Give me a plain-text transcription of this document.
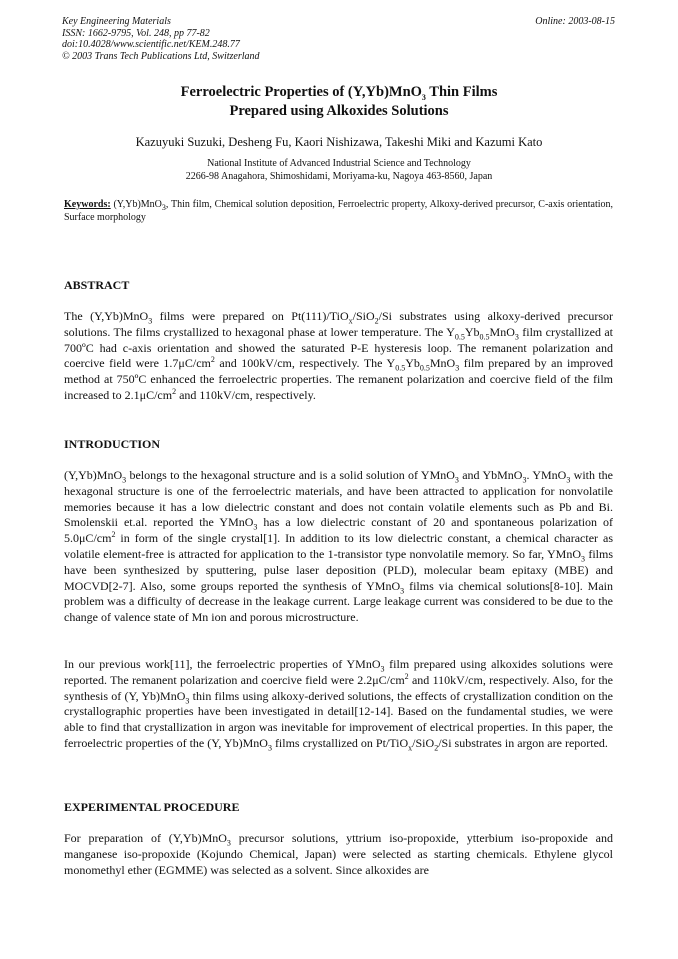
Key Engineering Materials
ISSN: 1662-9795, Vol. 248, pp 77-82
doi:10.4028/www.scientific.net/KEM.248.77
© 2003 Trans Tech Publications Ltd, Switzerland
Online: 2003-08-15
Ferroelectric Properties of (Y,Yb)MnO$_3$ Thin Films
Prepared using Alkoxides Solutions
Kazuyuki Suzuki, Desheng Fu, Kaori Nishizawa, Takeshi Miki and Kazumi Kato
National Institute of Advanced Industrial Science and Technology
2266-98 Anagahora, Shimoshidami, Moriyama-ku, Nagoya 463-8560, Japan
Keywords: (Y,Yb)MnO$_3$, Thin film, Chemical solution deposition, Ferroelectric property, Alkoxy-derived precursor, C-axis orientation, Surface morphology
ABSTRACT

The (Y,Yb)MnO$_3$ films were prepared on Pt(111)/TiO$_x$/SiO$_2$/Si substrates using alkoxy-derived precursor solutions. The films crystallized to hexagonal phase at lower temperature. The $Y_{0.5}Yb_{0.5}MnO_3$ film crystallized at 700ºC had c-axis orientation and showed the saturated P-E hysteresis loop. The remanent polarization and coercive field were $1.7\mu C/cm^2$ and 100kV/cm, respectively. The $Y_{0.5}Yb_{0.5}MnO_3$ film prepared by an improved method at 750ºC enhanced the ferroelectric properties. The remanent polarization and coercive field of the film increased to $2.1\mu C/cm^2$ and 110kV/cm, respectively.

INTRODUCTION

(Y,Yb)MnO$_3$ belongs to the hexagonal structure and is a solid solution of YMnO$_3$ and YbMnO$_3$. YMnO$_3$ with the hexagonal structure is one of the ferroelectric materials, and have been attracted to application for nonvolatile memories because it has a low dielectric constant and does not contain volatile elements such as Pb and Bi. Smolenskii et.al. reported the YMnO$_3$ has a low dielectric constant of 20 and spontaneous polarization of $5.0\mu C/cm^2$ in form of the single crystal[1]. In addition to its low dielectric constant, a chemical character as volatile element-free is attracted for application to the 1-transistor type nonvolatile memory. So far, YMnO$_3$ films have been synthesized by sputtering, pulse laser deposition (PLD), molecular beam epitaxy (MBE) and MOCVD[2-7]. Also, some groups reported the synthesis of YMnO$_3$ films via chemical solutions[8-10]. Main problem was a difficulty of decrease in the leakage current. Large leakage current was considered to be due to the change of valence state of Mn ion and porous microstructure.

In our previous work[11], the ferroelectric properties of YMnO$_3$ film prepared using alkoxides solutions were reported. The remanent polarization and coercive field were $2.2\mu C/cm^2$ and 110kV/cm, respectively. Also, for the synthesis of (Y, Yb)MnO$_3$ thin films using alkoxy-derived solutions, the effects of crystallization condition on the crystallographic properties have been investigated in detail[12-14]. Based on the fundamental studies, we were able to find that crystallization in argon was inevitable for improvement of electrical properties. In this paper, the ferroelectric properties of the (Y, Yb)MnO$_3$ films crystallized on Pt/TiO$_x$/SiO$_2$/Si substrates in argon are reported.

EXPERIMENTAL PROCEDURE

For preparation of (Y,Yb)MnO$_3$ precursor solutions, yttrium iso-propoxide, ytterbium iso-propoxide and manganese iso-propoxide (Kojundo Chemical, Japan) were selected as starting chemicals. Ethylene glycol monomethyl ether (EGMME) was selected as a solvent. Since alkoxides are
